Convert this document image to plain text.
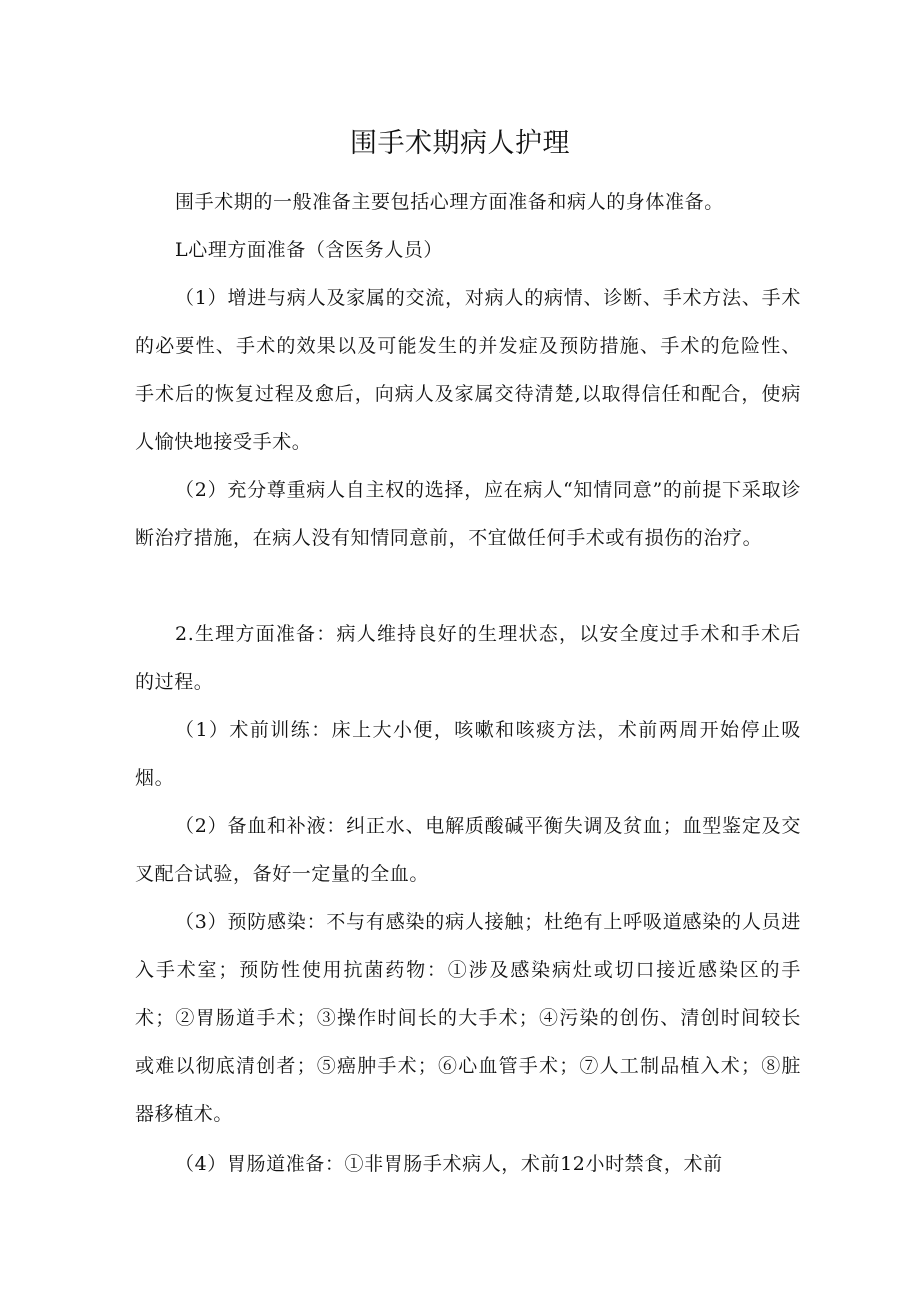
围手术期病人护理

围手术期的一般准备主要包括心理方面准备和病人的身体准备。

L心理方面准备（含医务人员）

（1）增进与病人及家属的交流，对病人的病情、诊断、手术方法、手术的必要性、手术的效果以及可能发生的并发症及预防措施、手术的危险性、手术后的恢复过程及愈后，向病人及家属交待清楚,以取得信任和配合，使病人愉快地接受手术。

（2）充分尊重病人自主权的选择，应在病人“知情同意”的前提下采取诊断治疗措施，在病人没有知情同意前，不宜做任何手术或有损伤的治疗。

2.生理方面准备：病人维持良好的生理状态，以安全度过手术和手术后的过程。

（1）术前训练：床上大小便，咳嗽和咳痰方法，术前两周开始停止吸烟。

（2）备血和补液：纠正水、电解质酸碱平衡失调及贫血；血型鉴定及交叉配合试验，备好一定量的全血。

（3）预防感染：不与有感染的病人接触；杜绝有上呼吸道感染的人员进入手术室；预防性使用抗菌药物：①涉及感染病灶或切口接近感染区的手术；②胃肠道手术；③操作时间长的大手术；④污染的创伤、清创时间较长或难以彻底清创者；⑤癌肿手术；⑥心血管手术；⑦人工制品植入术；⑧脏器移植术。

（4）胃肠道准备：①非胃肠手术病人，术前12小时禁食，术前
